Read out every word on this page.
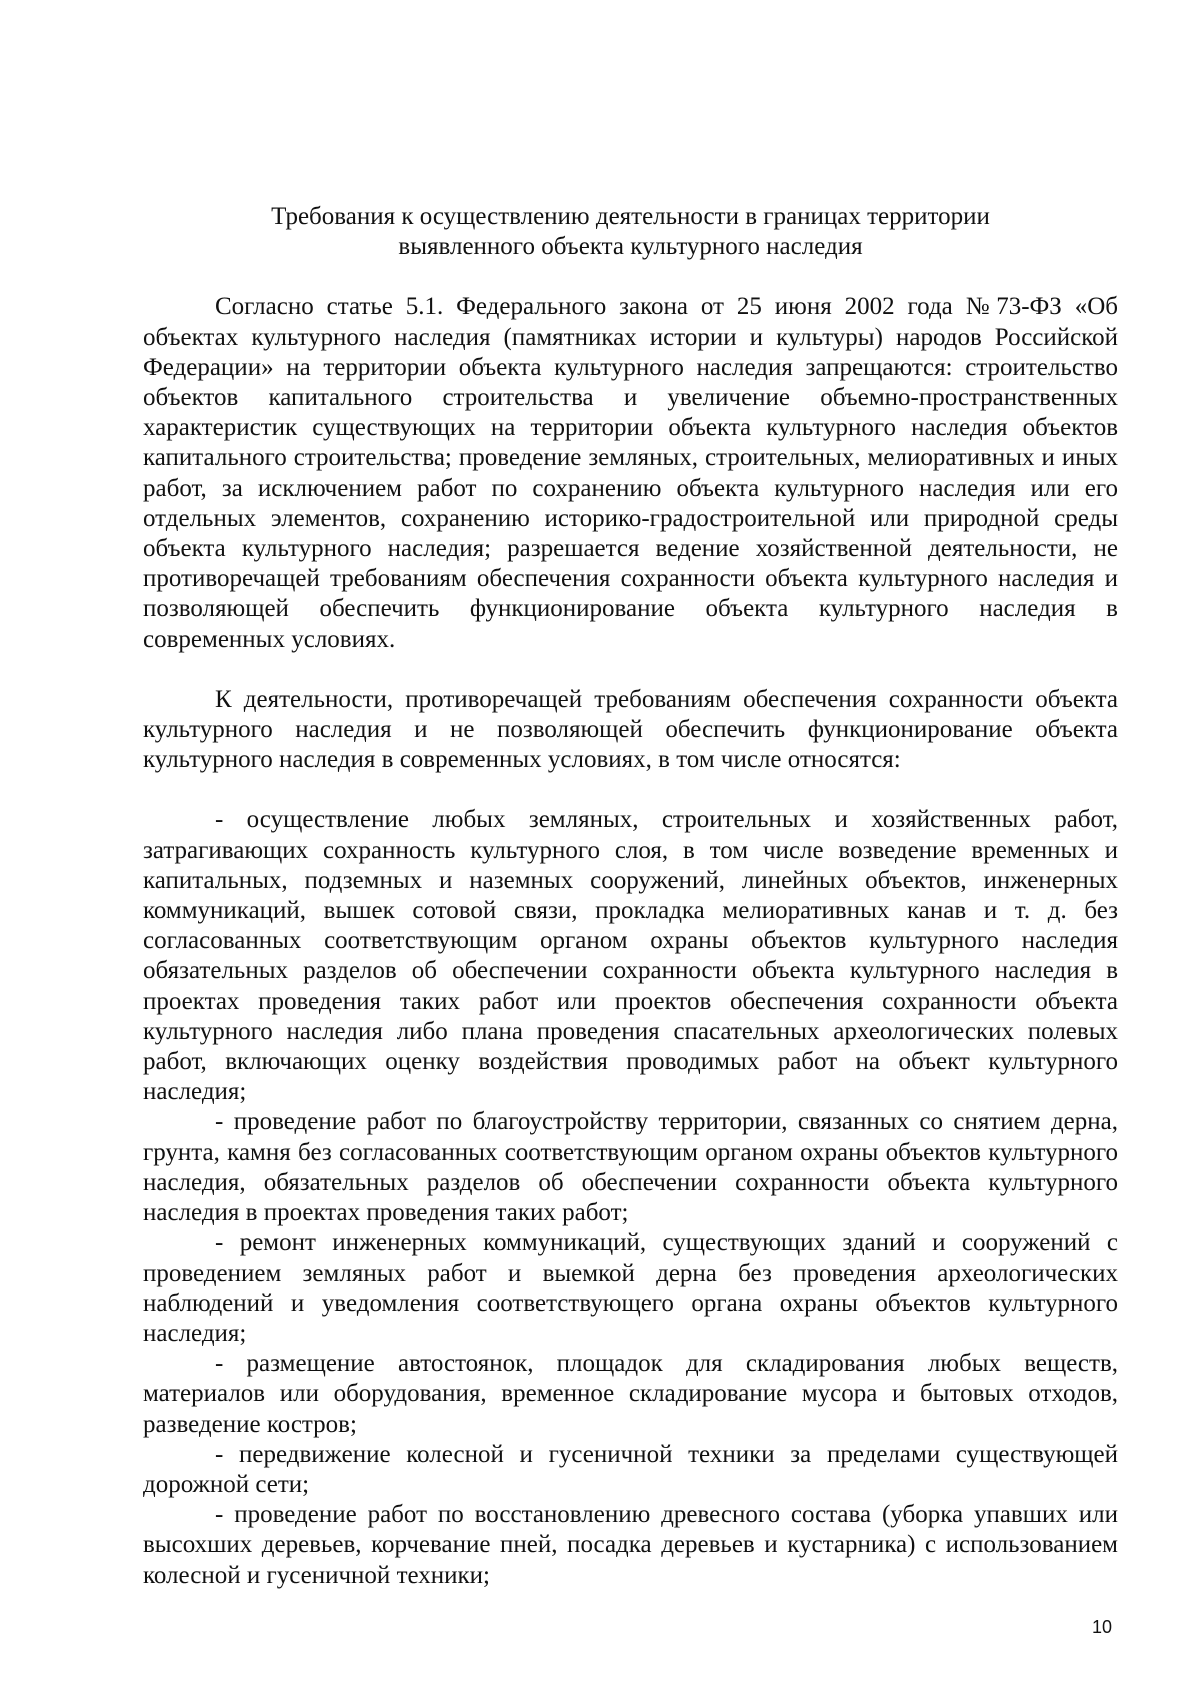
Требования к осуществлению деятельности в границах территории
выявленного объекта культурного наследия

Согласно статье 5.1. Федерального закона от 25 июня 2002 года №73-ФЗ «Об объектах культурного наследия (памятниках истории и культуры) народов Российской Федерации» на территории объекта культурного наследия запрещаются: строительство объектов капитального строительства и увеличение объемно-пространственных характеристик существующих на территории объекта культурного наследия объектов капитального строительства; проведение земляных, строительных, мелиоративных и иных работ, за исключением работ по сохранению объекта культурного наследия или его отдельных элементов, сохранению историко-градостроительной или природной среды объекта культурного наследия; разрешается ведение хозяйственной деятельности, не противоречащей требованиям обеспечения сохранности объекта культурного наследия и позволяющей обеспечить функционирование объекта культурного наследия в современных условиях.

К деятельности, противоречащей требованиям обеспечения сохранности объекта культурного наследия и не позволяющей обеспечить функционирование объекта культурного наследия в современных условиях, в том числе относятся:

- осуществление любых земляных, строительных и хозяйственных работ, затрагивающих сохранность культурного слоя, в том числе возведение временных и капитальных, подземных и наземных сооружений, линейных объектов, инженерных коммуникаций, вышек сотовой связи, прокладка мелиоративных канав и т. д. без согласованных соответствующим органом охраны объектов культурного наследия обязательных разделов об обеспечении сохранности объекта культурного наследия в проектах проведения таких работ или проектов обеспечения сохранности объекта культурного наследия либо плана проведения спасательных археологических полевых работ, включающих оценку воздействия проводимых работ на объект культурного наследия;

- проведение работ по благоустройству территории, связанных со снятием дерна, грунта, камня без согласованных соответствующим органом охраны объектов культурного наследия, обязательных разделов об обеспечении сохранности объекта культурного наследия в проектах проведения таких работ;

- ремонт инженерных коммуникаций, существующих зданий и сооружений с проведением земляных работ и выемкой дерна без проведения археологических наблюдений и уведомления соответствующего органа охраны объектов культурного наследия;

- размещение автостоянок, площадок для складирования любых веществ, материалов или оборудования, временное складирование мусора и бытовых отходов, разведение костров;

- передвижение колесной и гусеничной техники за пределами существующей дорожной сети;

- проведение работ по восстановлению древесного состава (уборка упавших или высохших деревьев, корчевание пней, посадка деревьев и кустарника) с использованием колесной и гусеничной техники;

10
